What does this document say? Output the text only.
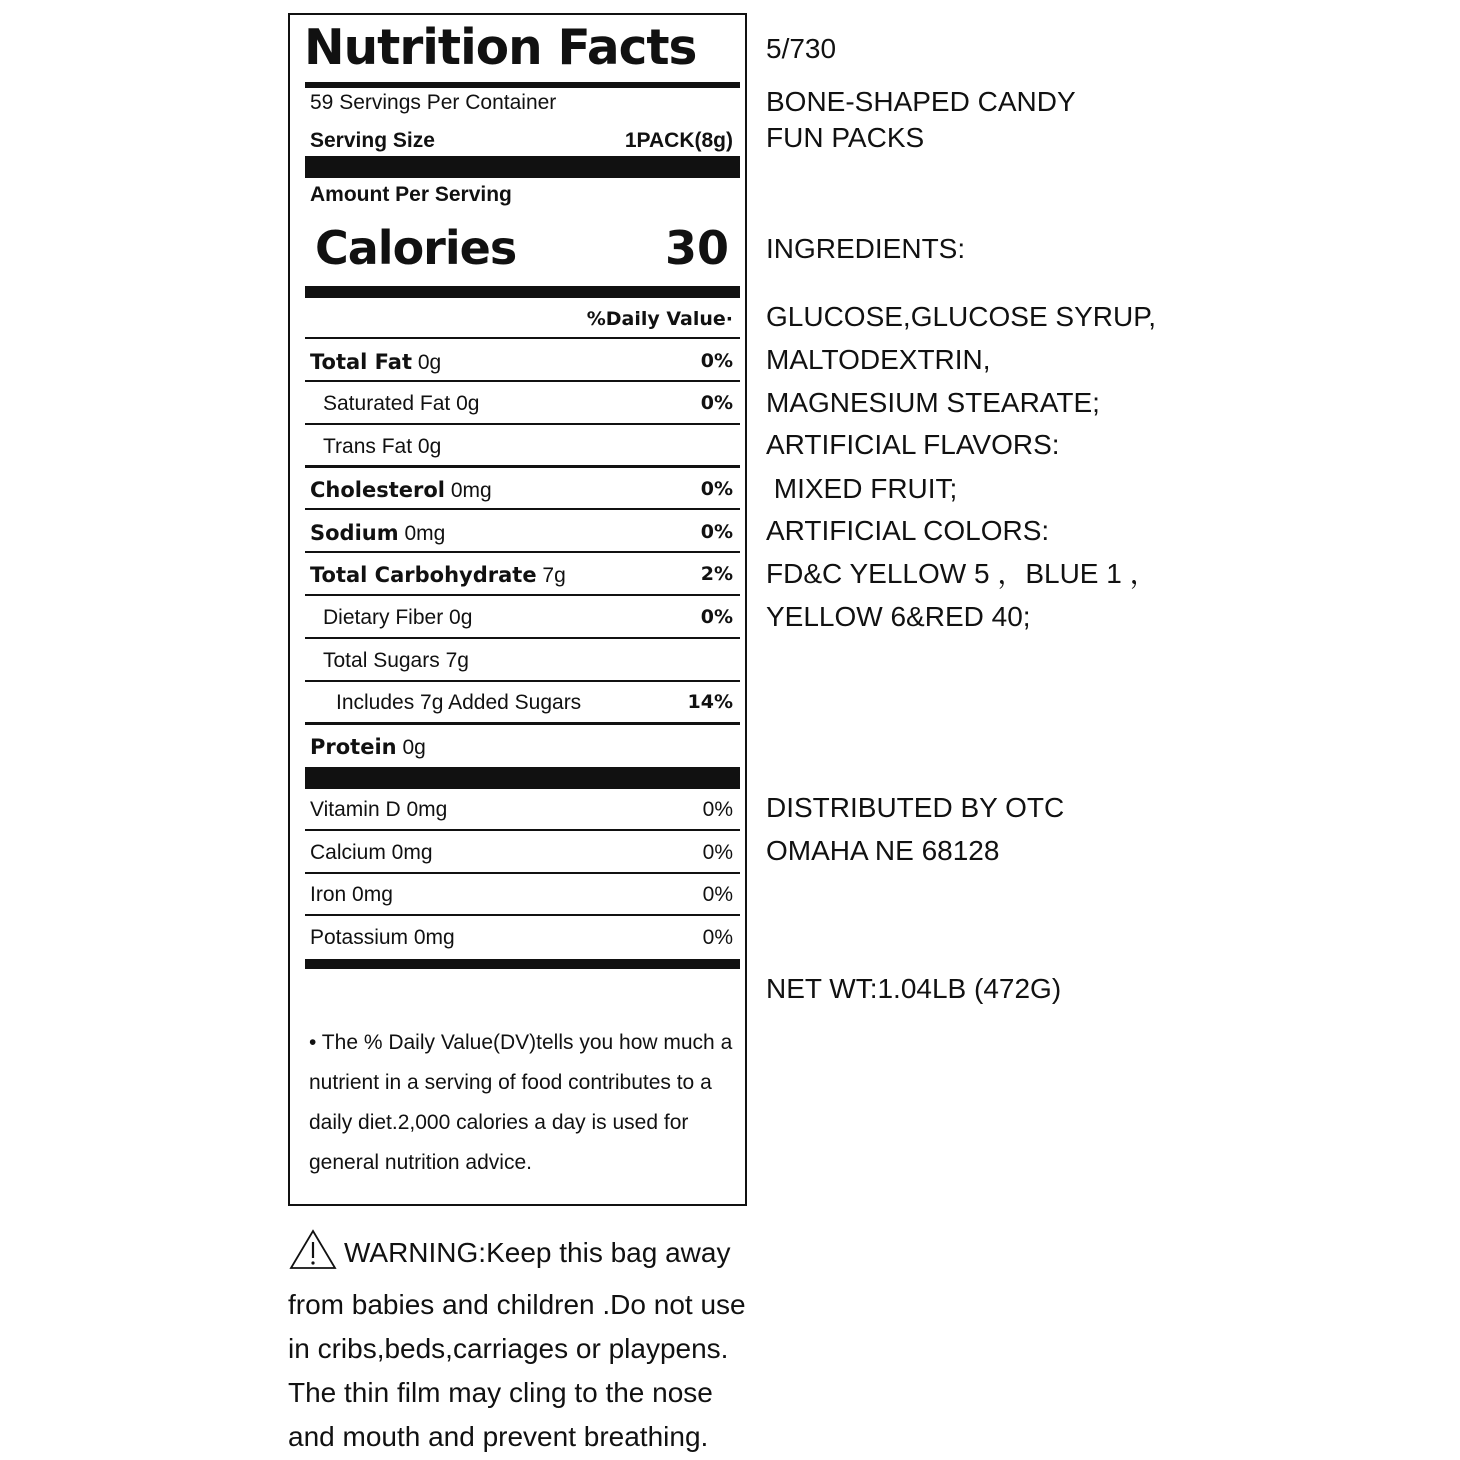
Nutrition Facts
59 Servings Per Container
Serving Size	1PACK(8g)
Amount Per Serving
Calories	30
%Daily Value·
Total Fat 0g	0%
Saturated Fat 0g	0%
Trans Fat 0g
Cholesterol 0mg	0%
Sodium 0mg	0%
Total Carbohydrate 7g	2%
Dietary Fiber 0g	0%
Total Sugars 7g
Includes 7g Added Sugars	14%
Protein 0g
Vitamin D 0mg	0%
Calcium 0mg	0%
Iron 0mg	0%
Potassium 0mg	0%
• The % Daily Value(DV)tells you how much a nutrient in a serving of food contributes to a daily diet.2,000 calories a day is used for general nutrition advice.
5/730
BONE-SHAPED CANDY
FUN PACKS
INGREDIENTS:
GLUCOSE,GLUCOSE SYRUP,
MALTODEXTRIN,
MAGNESIUM STEARATE;
ARTIFICIAL FLAVORS:
MIXED FRUIT;
ARTIFICIAL COLORS:
FD&C YELLOW 5 ，BLUE 1 ，
YELLOW 6&RED 40;
DISTRIBUTED BY OTC
OMAHA NE 68128
NET WT:1.04LB (472G)
WARNING:Keep this bag away from babies and children .Do not use in cribs,beds,carriages or playpens. The thin film may cling to the nose and mouth and prevent breathing.
